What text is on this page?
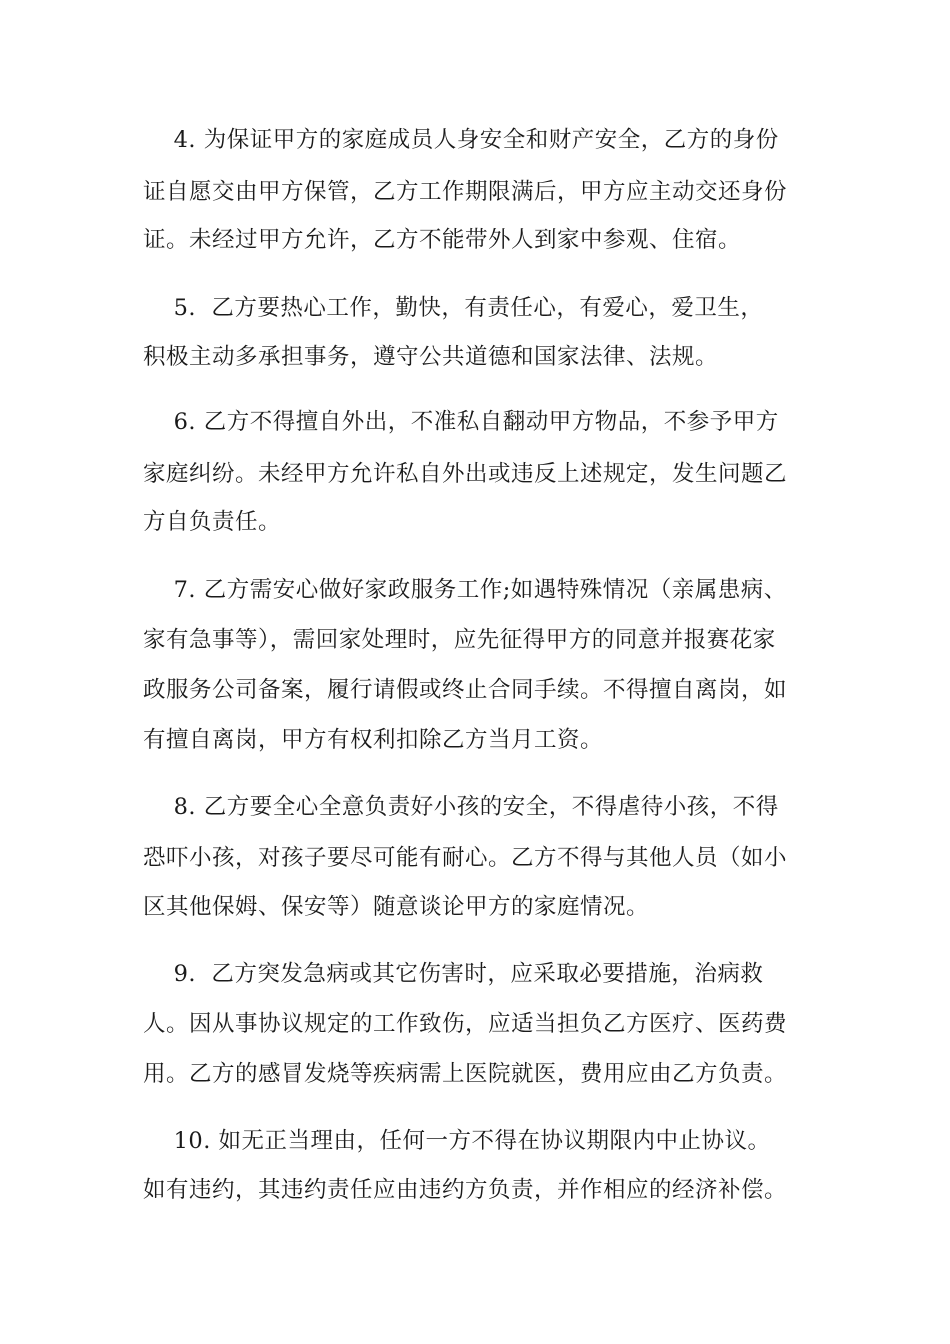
4. 为保证甲方的家庭成员人身安全和财产安全，乙方的身份
证自愿交由甲方保管，乙方工作期限满后，甲方应主动交还身份
证。未经过甲方允许，乙方不能带外人到家中参观、住宿。
5.  乙方要热心工作，勤快，有责任心，有爱心，爱卫生，
积极主动多承担事务，遵守公共道德和国家法律、法规。
6. 乙方不得擅自外出，不准私自翻动甲方物品，不参予甲方
家庭纠纷。未经甲方允许私自外出或违反上述规定，发生问题乙
方自负责任。
7. 乙方需安心做好家政服务工作;如遇特殊情况（亲属患病、
家有急事等），需回家处理时，应先征得甲方的同意并报赛花家
政服务公司备案，履行请假或终止合同手续。不得擅自离岗，如
有擅自离岗，甲方有权利扣除乙方当月工资。
8. 乙方要全心全意负责好小孩的安全，不得虐待小孩，不得
恐吓小孩，对孩子要尽可能有耐心。乙方不得与其他人员（如小
区其他保姆、保安等）随意谈论甲方的家庭情况。
9.  乙方突发急病或其它伤害时，应采取必要措施，治病救
人。因从事协议规定的工作致伤，应适当担负乙方医疗、医药费
用。乙方的感冒发烧等疾病需上医院就医，费用应由乙方负责。
10. 如无正当理由，任何一方不得在协议期限内中止协议。
如有违约，其违约责任应由违约方负责，并作相应的经济补偿。
